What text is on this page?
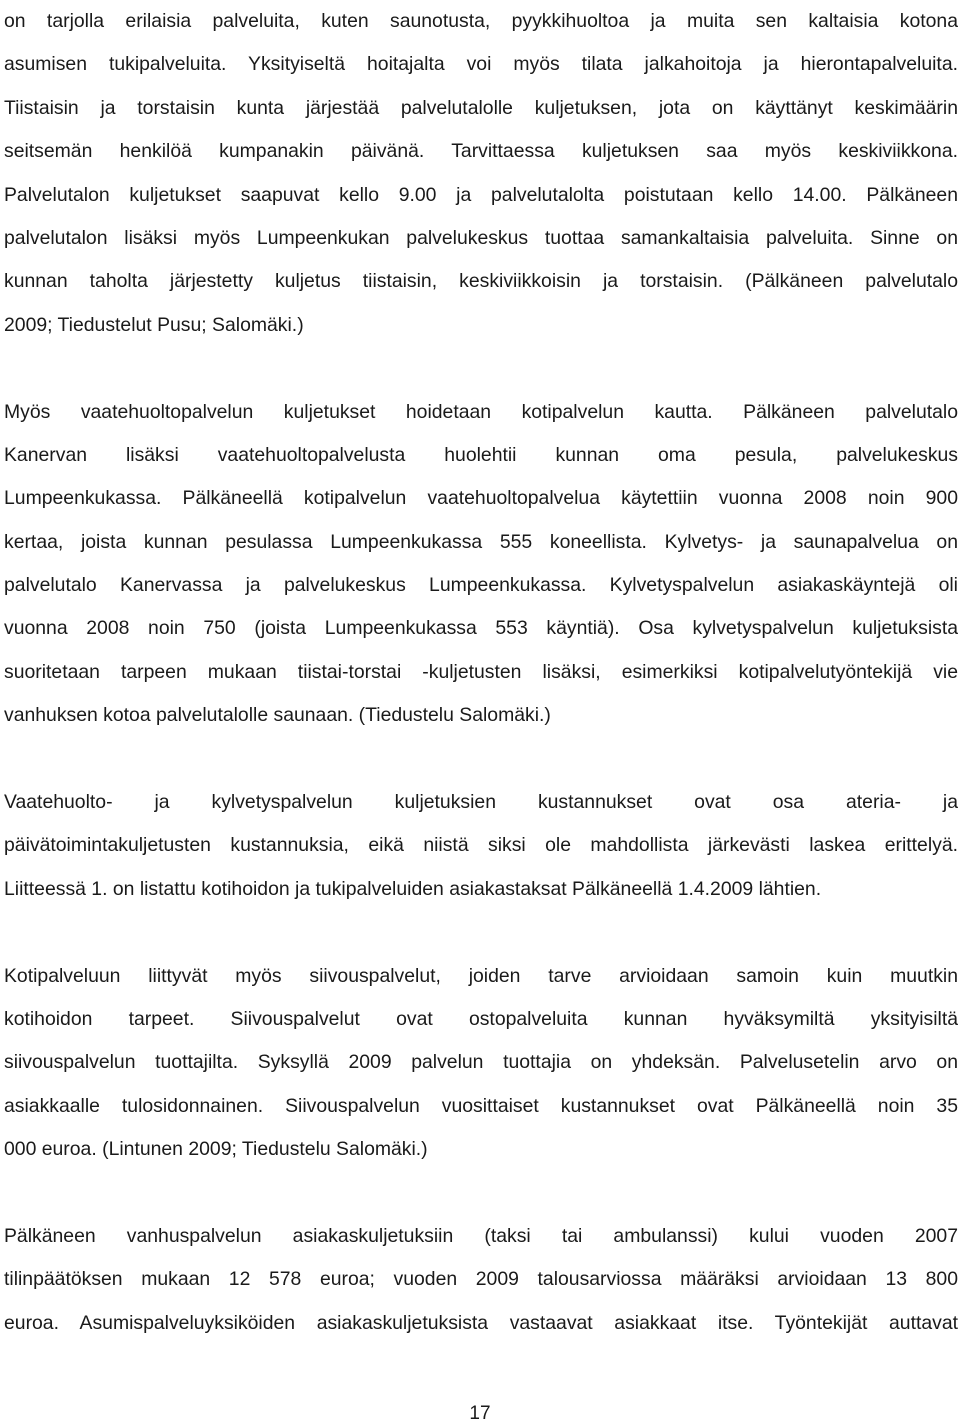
on tarjolla erilaisia palveluita, kuten saunotusta, pyykkihuoltoa ja muita sen kaltaisia kotona
asumisen tukipalveluita. Yksityiseltä hoitajalta voi myös tilata jalkahoitoja ja hierontapalveluita.
Tiistaisin ja torstaisin kunta järjestää palvelutalolle kuljetuksen, jota on käyttänyt keskimäärin
seitsemän henkilöä kumpanakin päivänä. Tarvittaessa kuljetuksen saa myös keskiviikkona.
Palvelutalon kuljetukset saapuvat kello 9.00 ja palvelutalolta poistutaan kello 14.00. Pälkäneen
palvelutalon lisäksi myös Lumpeenkukan palvelukeskus tuottaa samankaltaisia palveluita. Sinne on
kunnan taholta järjestetty kuljetus tiistaisin, keskiviikkoisin ja torstaisin. (Pälkäneen palvelutalo
2009; Tiedustelut Pusu; Salomäki.)
Myös vaatehuoltopalvelun kuljetukset hoidetaan kotipalvelun kautta. Pälkäneen palvelutalo
Kanervan lisäksi vaatehuoltopalvelusta huolehtii kunnan oma pesula, palvelukeskus
Lumpeenkukassa. Pälkäneellä kotipalvelun vaatehuoltopalvelua käytettiin vuonna 2008 noin 900
kertaa, joista kunnan pesulassa Lumpeenkukassa 555 koneellista. Kylvetys- ja saunapalvelua on
palvelutalo Kanervassa ja palvelukeskus Lumpeenkukassa. Kylvetyspalvelun asiakaskäyntejä oli
vuonna 2008 noin 750 (joista Lumpeenkukassa 553 käyntiä). Osa kylvetyspalvelun kuljetuksista
suoritetaan tarpeen mukaan tiistai-torstai -kuljetusten lisäksi, esimerkiksi kotipalvelutyöntekijä vie
vanhuksen kotoa palvelutalolle saunaan. (Tiedustelu Salomäki.)
Vaatehuolto- ja kylvetyspalvelun kuljetuksien kustannukset ovat osa ateria- ja
päivätoimintakuljetusten kustannuksia, eikä niistä siksi ole mahdollista järkevästi laskea erittelyä.
Liitteessä 1. on listattu kotihoidon ja tukipalveluiden asiakastaksat Pälkäneellä 1.4.2009 lähtien.
Kotipalveluun liittyvät myös siivouspalvelut, joiden tarve arvioidaan samoin kuin muutkin
kotihoidon tarpeet. Siivouspalvelut ovat ostopalveluita kunnan hyväksymiltä yksityisiltä
siivouspalvelun tuottajilta. Syksyllä 2009 palvelun tuottajia on yhdeksän. Palvelusetelin arvo on
asiakkaalle tulosidonnainen. Siivouspalvelun vuosittaiset kustannukset ovat Pälkäneellä noin 35
000 euroa. (Lintunen 2009; Tiedustelu Salomäki.)
Pälkäneen vanhuspalvelun asiakaskuljetuksiin (taksi tai ambulanssi) kului vuoden 2007
tilinpäätöksen mukaan 12 578 euroa; vuoden 2009 talousarviossa määräksi arvioidaan 13 800
euroa. Asumispalveluyksiköiden asiakaskuljetuksista vastaavat asiakkaat itse. Työntekijät auttavat
17
